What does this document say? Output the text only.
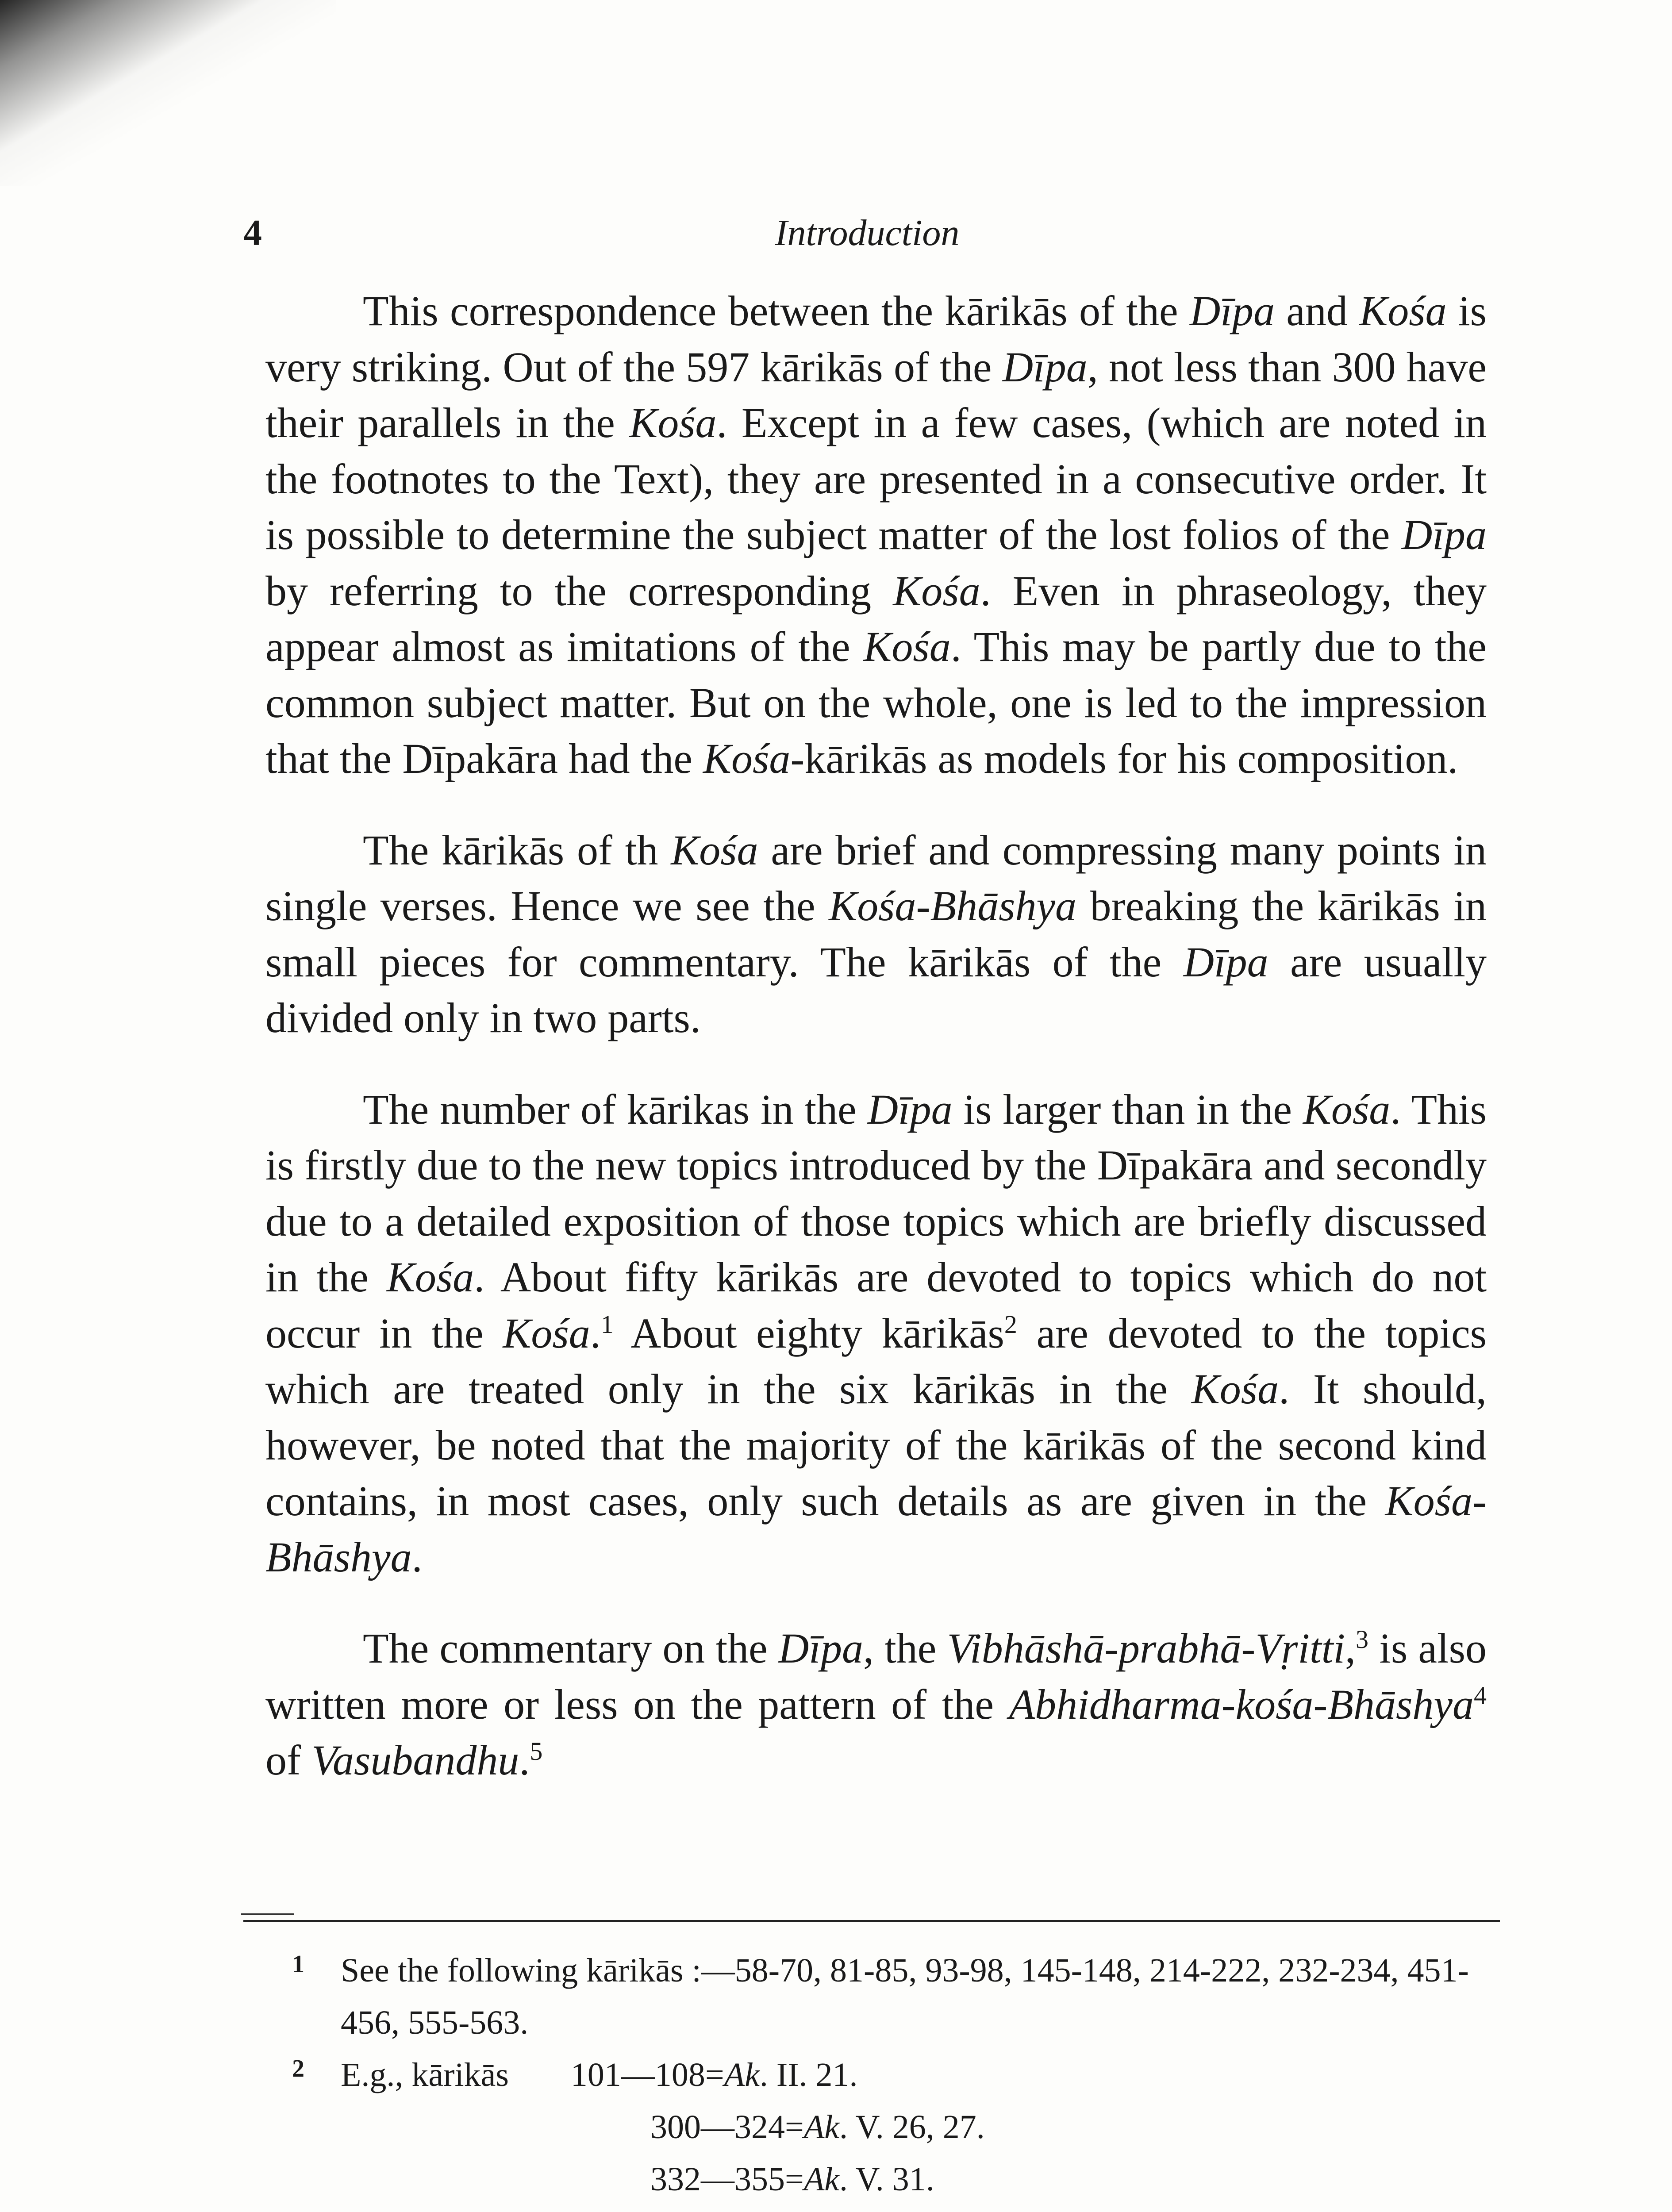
4	Introduction

This correspondence between the kārikās of the Dīpa and Kośa is very striking. Out of the 597 kārikās of the Dīpa, not less than 300 have their parallels in the Kośa. Except in a few cases, (which are noted in the footnotes to the Text), they are presented in a consecutive order. It is possible to determine the subject matter of the lost folios of the Dīpa by referring to the corresponding Kośa. Even in phraseology, they appear almost as imitations of the Kośa. This may be partly due to the common subject matter. But on the whole, one is led to the impression that the Dīpakāra had the Kośa-kārikās as models for his composition.

The kārikās of th Kośa are brief and compressing many points in single verses. Hence we see the Kośa-Bhāshya breaking the kārikās in small pieces for commentary. The kārikās of the Dīpa are usually divided only in two parts.

The number of kārikas in the Dīpa is larger than in the Kośa. This is firstly due to the new topics introduced by the Dīpakāra and secondly due to a detailed exposition of those topics which are briefly discussed in the Kośa. About fifty kārikās are devoted to topics which do not occur in the Kośa.$^1$ About eighty kārikās$^2$ are devoted to the topics which are treated only in the six kārikās in the Kośa. It should, however, be noted that the majority of the kārikās of the second kind contains, in most cases, only such details as are given in the Kośa-Bhāshya.

The commentary on the Dīpa, the Vibhāshā-prabhā-Vṛitti,$^3$ is also written more or less on the pattern of the Abhidharma-kośa-Bhāshya$^4$ of Vasubandhu.$^5$

1 See the following kārikās :—58-70, 81-85, 93-98, 145-148, 214-222, 232-234, 451-456, 555-563.
2 E.g., kārikās 101—108=Ak. II. 21.
300—324=Ak. V. 26, 27.
332—355=Ak. V. 31.
